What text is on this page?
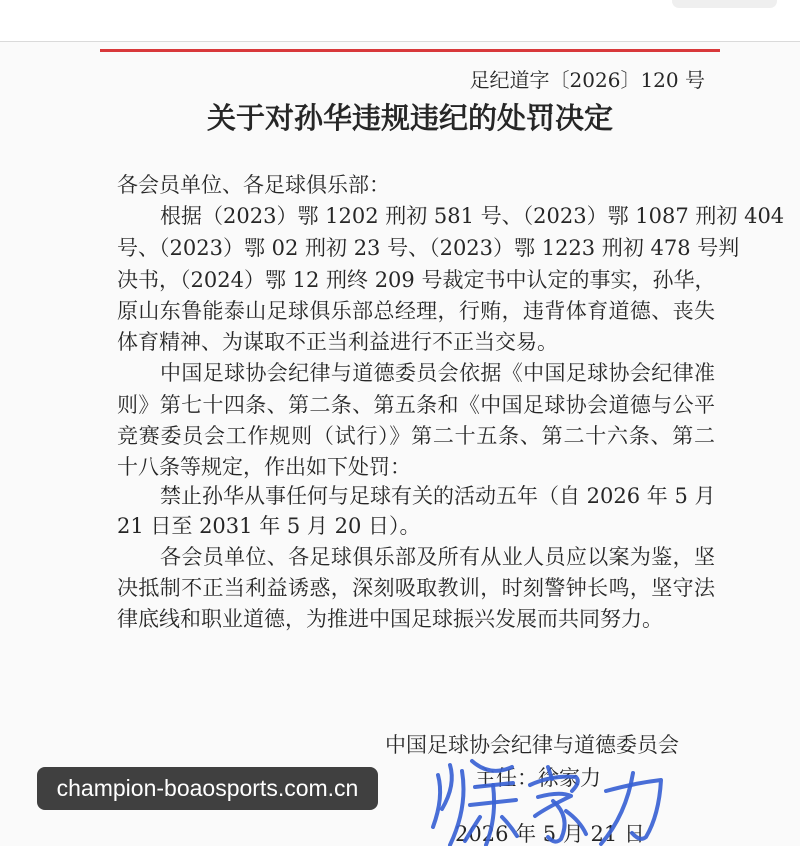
足纪道字〔2026〕120 号
关于对孙华违规违纪的处罚决定
各会员单位、各足球俱乐部：
根据（2023）鄂 1202 刑初 581 号、（2023）鄂 1087 刑初 404
号、（2023）鄂 02 刑初 23 号、（2023）鄂 1223 刑初 478 号判
决书，（2024）鄂 12 刑终 209 号裁定书中认定的事实，孙华，
原山东鲁能泰山足球俱乐部总经理，行贿，违背体育道德、丧失
体育精神、为谋取不正当利益进行不正当交易。
中国足球协会纪律与道德委员会依据《中国足球协会纪律准
则》第七十四条、第二条、第五条和《中国足球协会道德与公平
竞赛委员会工作规则（试行）》第二十五条、第二十六条、第二
十八条等规定，作出如下处罚：
禁止孙华从事任何与足球有关的活动五年（自 2026 年 5 月
21 日至 2031 年 5 月 20 日）。
各会员单位、各足球俱乐部及所有从业人员应以案为鉴，坚
决抵制不正当利益诱惑，深刻吸取教训，时刻警钟长鸣，坚守法
律底线和职业道德，为推进中国足球振兴发展而共同努力。
中国足球协会纪律与道德委员会
主任：徐家力
2026 年 5 月 21 日
champion-boaosports.com.cn
